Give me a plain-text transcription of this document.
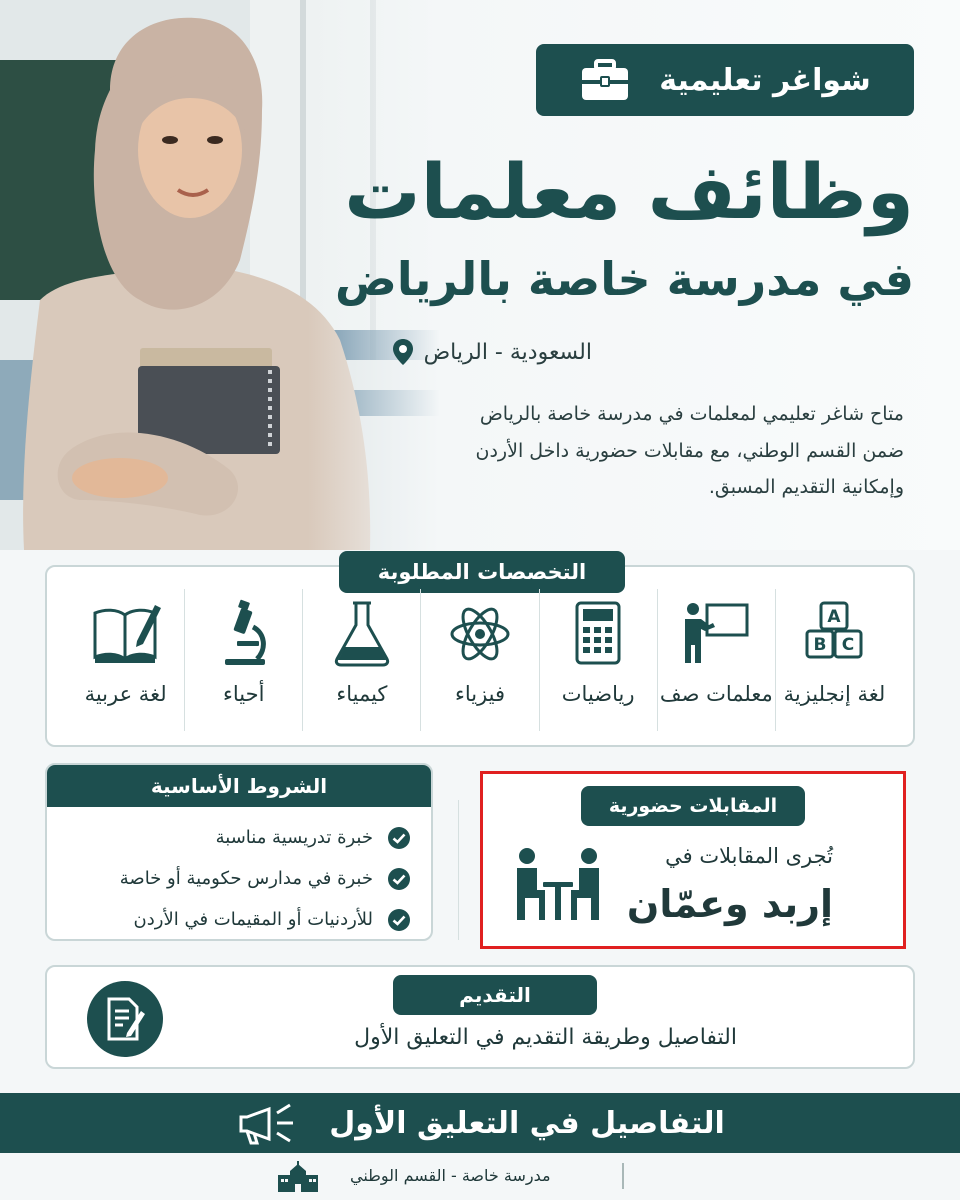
شواغر تعليمية
وظائف معلمات
في مدرسة خاصة بالرياض
السعودية - الرياض

متاح شاغر تعليمي لمعلمات في مدرسة خاصة بالرياض
ضمن القسم الوطني، مع مقابلات حضورية داخل الأردن
وإمكانية التقديم المسبق.

التخصصات المطلوبة
A
B C
لغة إنجليزية
معلمات صف
رياضيات
فيزياء
كيمياء
أحياء
لغة عربية
الشروط الأساسية
خبرة تدريسية مناسبة
خبرة في مدارس حكومية أو خاصة
للأردنيات أو المقيمات في الأردن
المقابلات حضورية
تُجرى المقابلات في
إربد وعمّان
التقديم
التفاصيل وطريقة التقديم في التعليق الأول
التفاصيل في التعليق الأول
مدرسة خاصة - القسم الوطني
